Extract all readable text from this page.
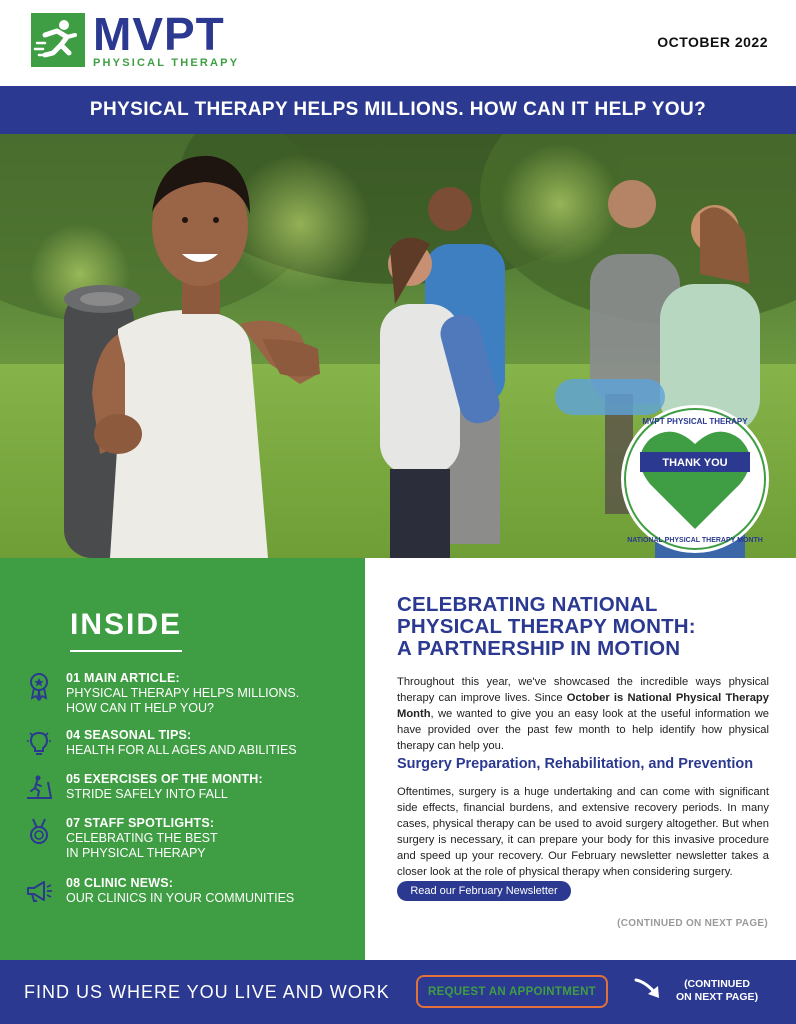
MVPT
PHYSICAL THERAPY
OCTOBER 2022
PHYSICAL THERAPY HELPS MILLIONS. HOW CAN IT HELP YOU?
THANK YOU
MVPT PHYSICAL THERAPY
NATIONAL PHYSICAL THERAPY MONTH
INSIDE
01 MAIN ARTICLE:
PHYSICAL THERAPY HELPS MILLIONS.
HOW CAN IT HELP YOU?
04 SEASONAL TIPS:
HEALTH FOR ALL AGES AND ABILITIES
05 EXERCISES OF THE MONTH:
STRIDE SAFELY INTO FALL
07 STAFF SPOTLIGHTS:
CELEBRATING THE BEST
IN PHYSICAL THERAPY
08 CLINIC NEWS:
OUR CLINICS IN YOUR COMMUNITIES
CELEBRATING NATIONAL
PHYSICAL THERAPY MONTH:
A PARTNERSHIP IN MOTION

Throughout this year, we've showcased the incredible ways physical therapy can improve lives. Since October is National Physical Therapy Month, we wanted to give you an easy look at the useful information we have provided over the past few month to help identify how physical therapy can help you.

Surgery Preparation, Rehabilitation, and Prevention

Oftentimes, surgery is a huge undertaking and can come with significant side effects, financial burdens, and extensive recovery periods. In many cases, physical therapy can be used to avoid surgery altogether. But when surgery is necessary, it can prepare your body for this invasive procedure and speed up your recovery. Our February newsletter newsletter takes a closer look at the role of physical therapy when considering surgery.

Read our February Newsletter
(CONTINUED ON NEXT PAGE)
FIND US WHERE YOU LIVE AND WORK	REQUEST AN APPOINTMENT
(CONTINUED
ON NEXT PAGE)
